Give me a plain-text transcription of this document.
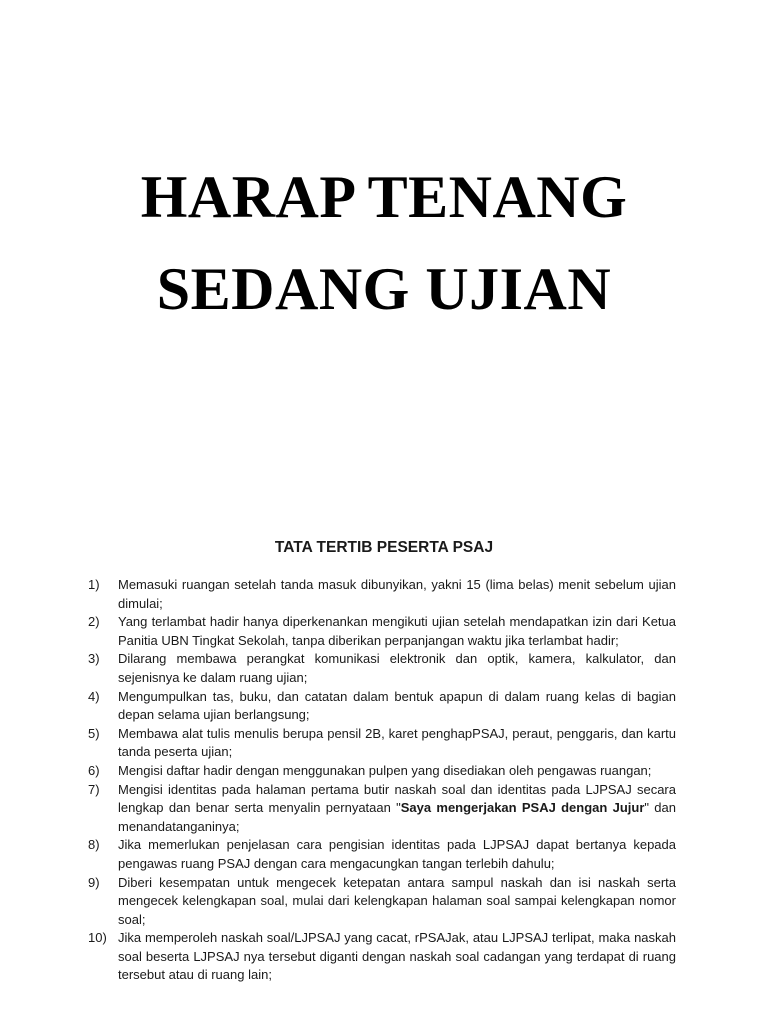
HARAP TENANG
SEDANG UJIAN
TATA TERTIB PESERTA PSAJ
1)	Memasuki ruangan setelah tanda masuk dibunyikan, yakni 15 (lima belas) menit sebelum ujian dimulai;
2)	Yang terlambat hadir hanya diperkenankan mengikuti ujian setelah mendapatkan izin dari Ketua Panitia UBN Tingkat Sekolah, tanpa diberikan perpanjangan waktu jika terlambat hadir;
3)	Dilarang membawa perangkat komunikasi elektronik dan optik, kamera, kalkulator, dan sejenisnya ke dalam ruang ujian;
4)	Mengumpulkan tas, buku, dan catatan dalam bentuk apapun di dalam ruang kelas di bagian depan selama ujian berlangsung;
5)	Membawa alat tulis menulis berupa pensil 2B, karet penghapPSAJ, peraut, penggaris, dan kartu tanda peserta ujian;
6)	Mengisi daftar hadir dengan menggunakan pulpen yang disediakan oleh pengawas ruangan;
7)	Mengisi identitas pada halaman pertama butir naskah soal dan identitas pada LJPSAJ secara lengkap dan benar serta menyalin pernyataan "Saya mengerjakan PSAJ dengan Jujur" dan menandatanganinya;
8)	Jika memerlukan penjelasan cara pengisian identitas pada LJPSAJ dapat bertanya kepada pengawas ruang PSAJ dengan cara mengacungkan tangan terlebih dahulu;
9)	Diberi kesempatan untuk mengecek ketepatan antara sampul naskah dan isi naskah serta mengecek kelengkapan soal, mulai dari kelengkapan halaman soal sampai kelengkapan nomor soal;
10) Jika memperoleh naskah soal/LJPSAJ yang cacat, rPSAJak, atau LJPSAJ terlipat, maka naskah soal beserta LJPSAJ nya tersebut diganti dengan naskah soal cadangan yang terdapat di ruang tersebut atau di ruang lain;
